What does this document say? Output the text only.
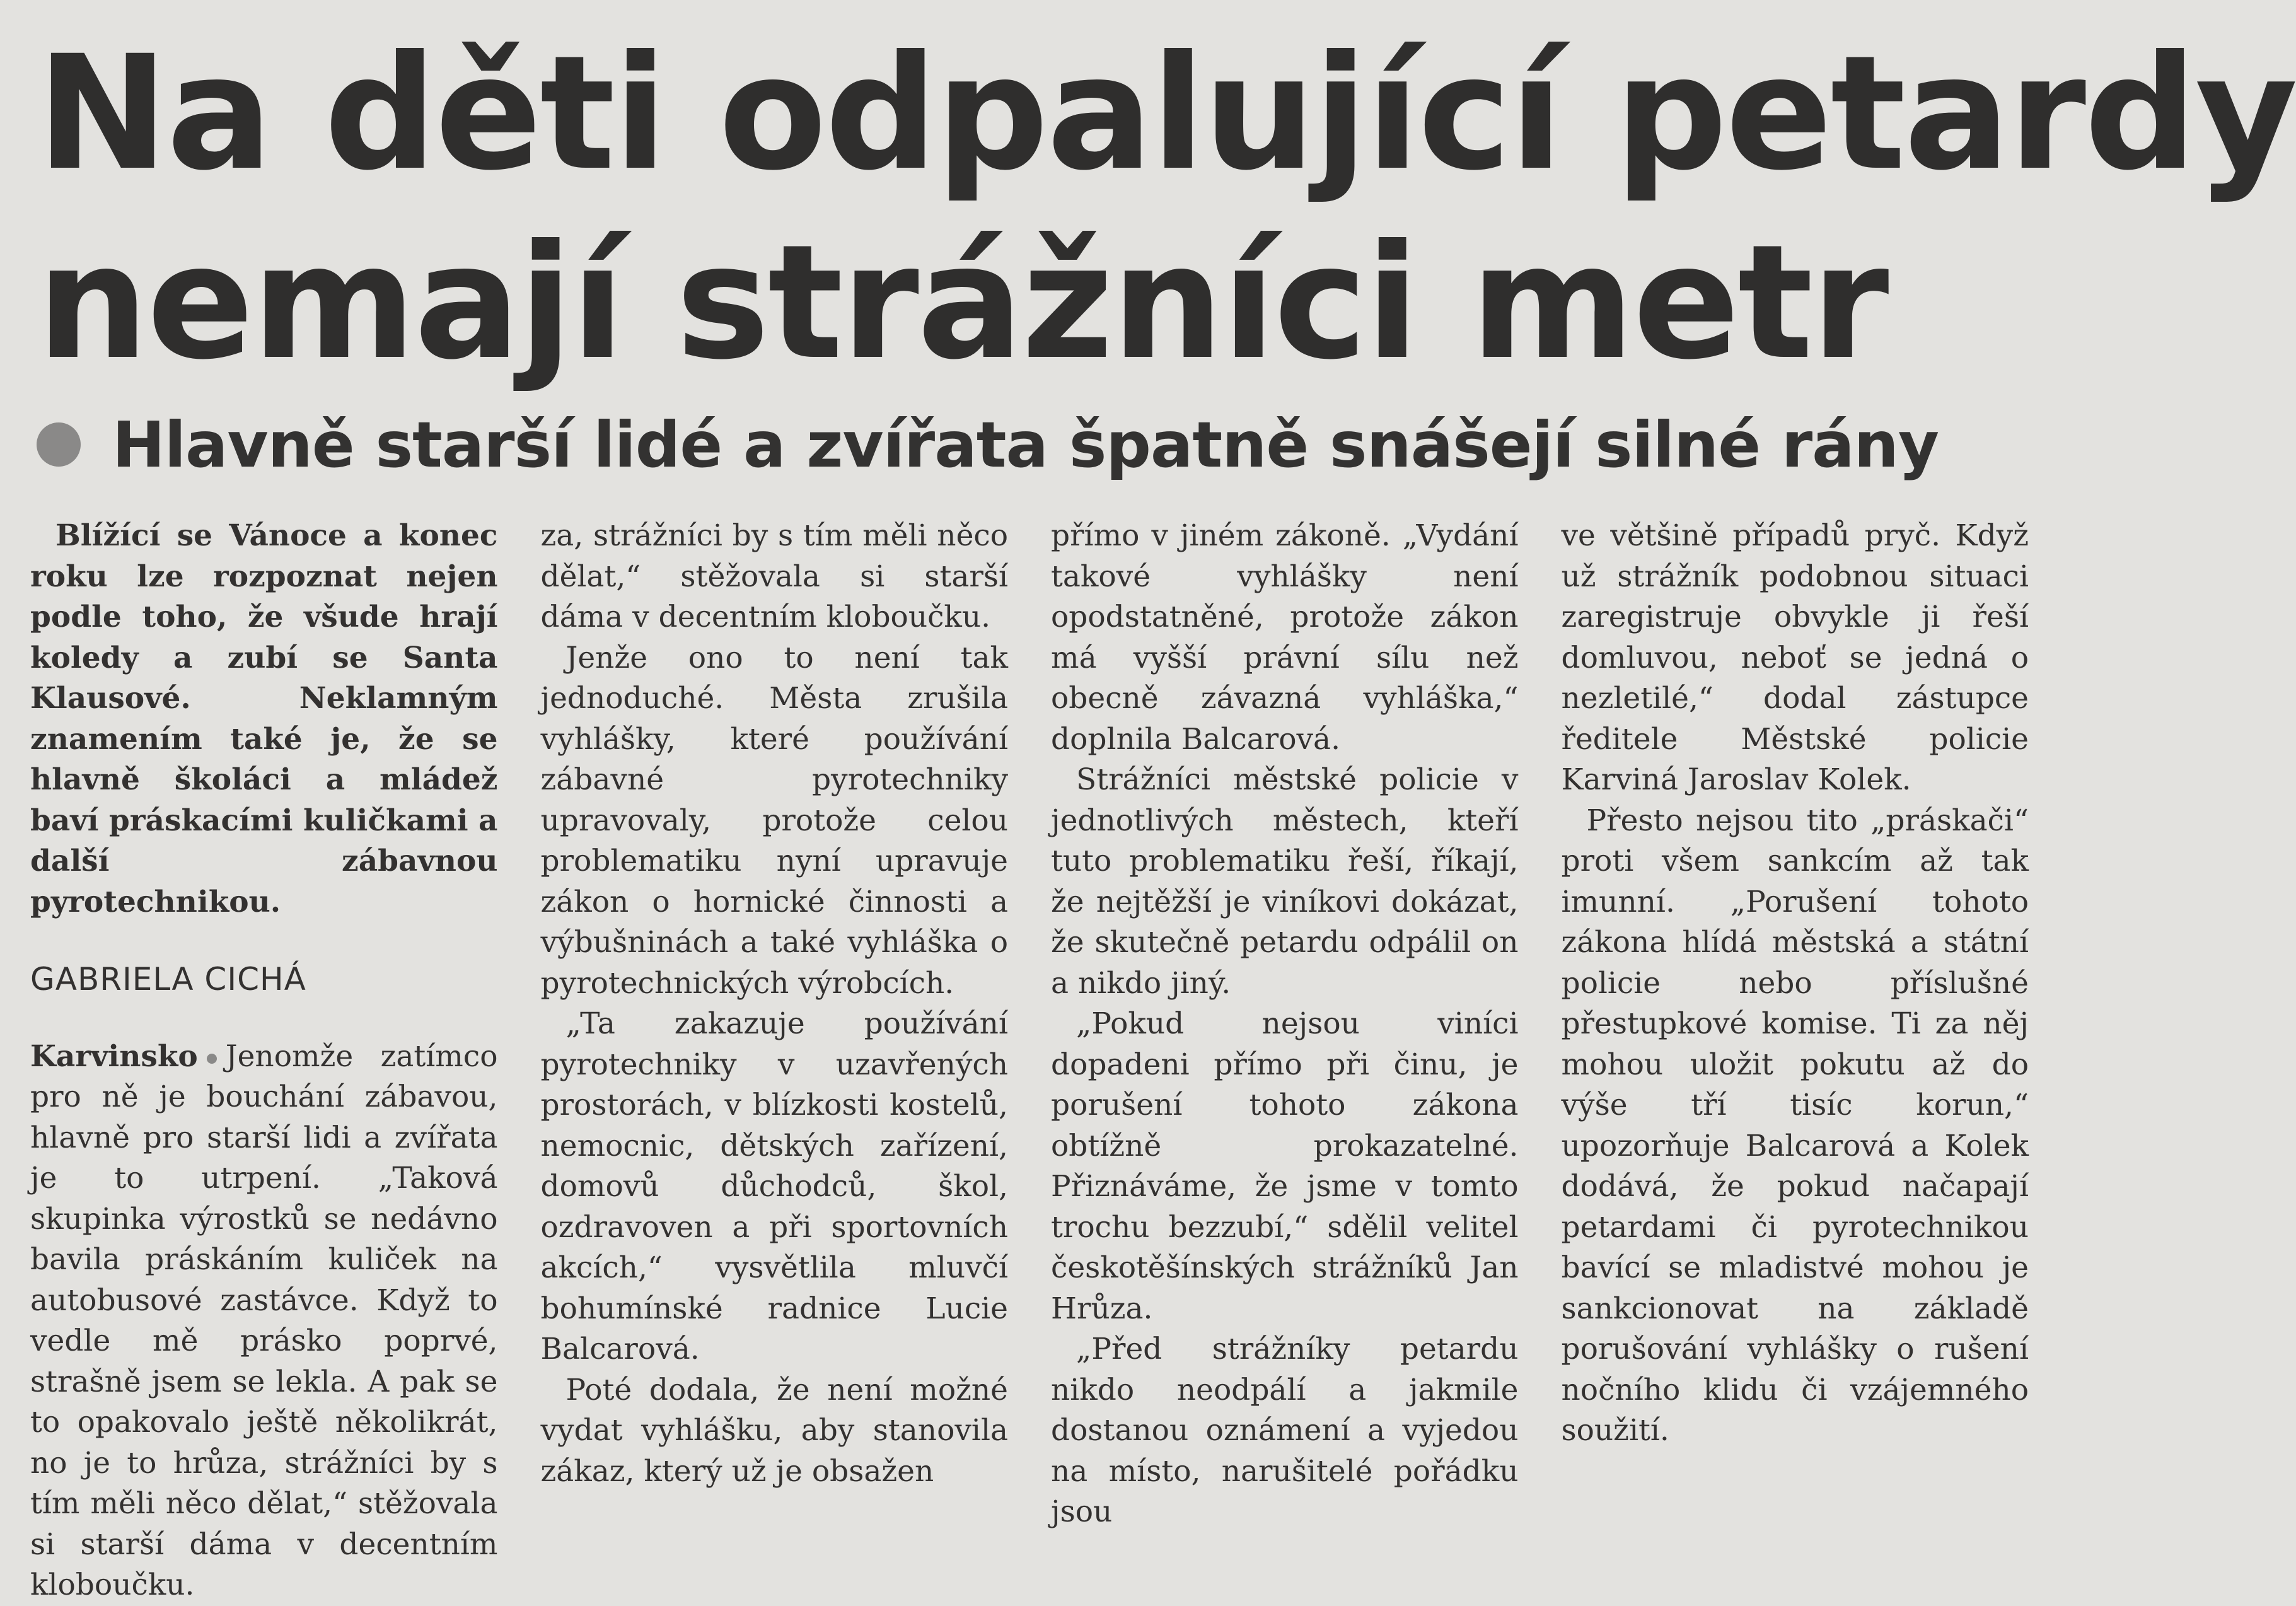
Na děti odpalující petardy
nemají strážníci metr
Hlavně starší lidé a zvířata špatně snášejí silné rány

Blížící se Vánoce a konec roku lze rozpoznat nejen podle toho, že všude hrají koledy a zubí se Santa Klausové. Neklamným znamením také je, že se hlavně školáci a mládež baví práskacími kuličkami a další zábavnou pyrotechnikou.

GABRIELA CICHÁ

Karvinsko Jenomže zatímco pro ně je bouchání zábavou, hlavně pro starší lidi a zvířata je to utrpení. „Taková skupinka výrostků se nedávno bavila práskáním kuliček na autobusové zastávce. Když to vedle mě prásko poprvé, strašně jsem se lekla. A pak se to opakovalo ještě několikrát, no je to hrůza, strážníci by s tím měli něco dělat,“ stěžovala si starší dáma v decentním kloboučku.

za, strážníci by s tím měli něco dělat,“ stěžovala si starší dáma v decentním kloboučku.

Jenže ono to není tak jednoduché. Města zrušila vyhlášky, které používání zábavné pyrotechniky upravovaly, protože celou problematiku nyní upravuje zákon o hornické činnosti a výbušninách a také vyhláška o pyrotechnických výrobcích.

„Ta zakazuje používání pyrotechniky v uzavřených prostorách, v blízkosti kostelů, nemocnic, dětských zařízení, domovů důchodců, škol, ozdravoven a při sportovních akcích,“ vysvětlila mluvčí bohumínské radnice Lucie Balcarová.

Poté dodala, že není možné vydat vyhlášku, aby stanovila zákaz, který už je obsažen

přímo v jiném zákoně. „Vydání takové vyhlášky není opodstatněné, protože zákon má vyšší právní sílu než obecně závazná vyhláška,“ doplnila Balcarová.

Strážníci městské policie v jednotlivých městech, kteří tuto problematiku řeší, říkají, že nejtěžší je viníkovi dokázat, že skutečně petardu odpálil on a nikdo jiný.

„Pokud nejsou viníci dopadeni přímo při činu, je porušení tohoto zákona obtížně prokazatelné. Přiznáváme, že jsme v tomto trochu bezzubí,“ sdělil velitel českotěšínských strážníků Jan Hrůza.

„Před strážníky petardu nikdo neodpálí a jakmile dostanou oznámení a vyjedou na místo, narušitelé pořádku jsou

ve většině případů pryč. Když už strážník podobnou situaci zaregistruje obvykle ji řeší domluvou, neboť se jedná o nezletilé,“ dodal zástupce ředitele Městské policie Karviná Jaroslav Kolek.

Přesto nejsou tito „práskači“ proti všem sankcím až tak imunní. „Porušení tohoto zákona hlídá městská a státní policie nebo příslušné přestupkové komise. Ti za něj mohou uložit pokutu až do výše tří tisíc korun,“ upozorňuje Balcarová a Kolek dodává, že pokud načapají petardami či pyrotechnikou bavící se mladistvé mohou je sankcionovat na základě porušování vyhlášky o rušení nočního klidu či vzájemného soužití.
